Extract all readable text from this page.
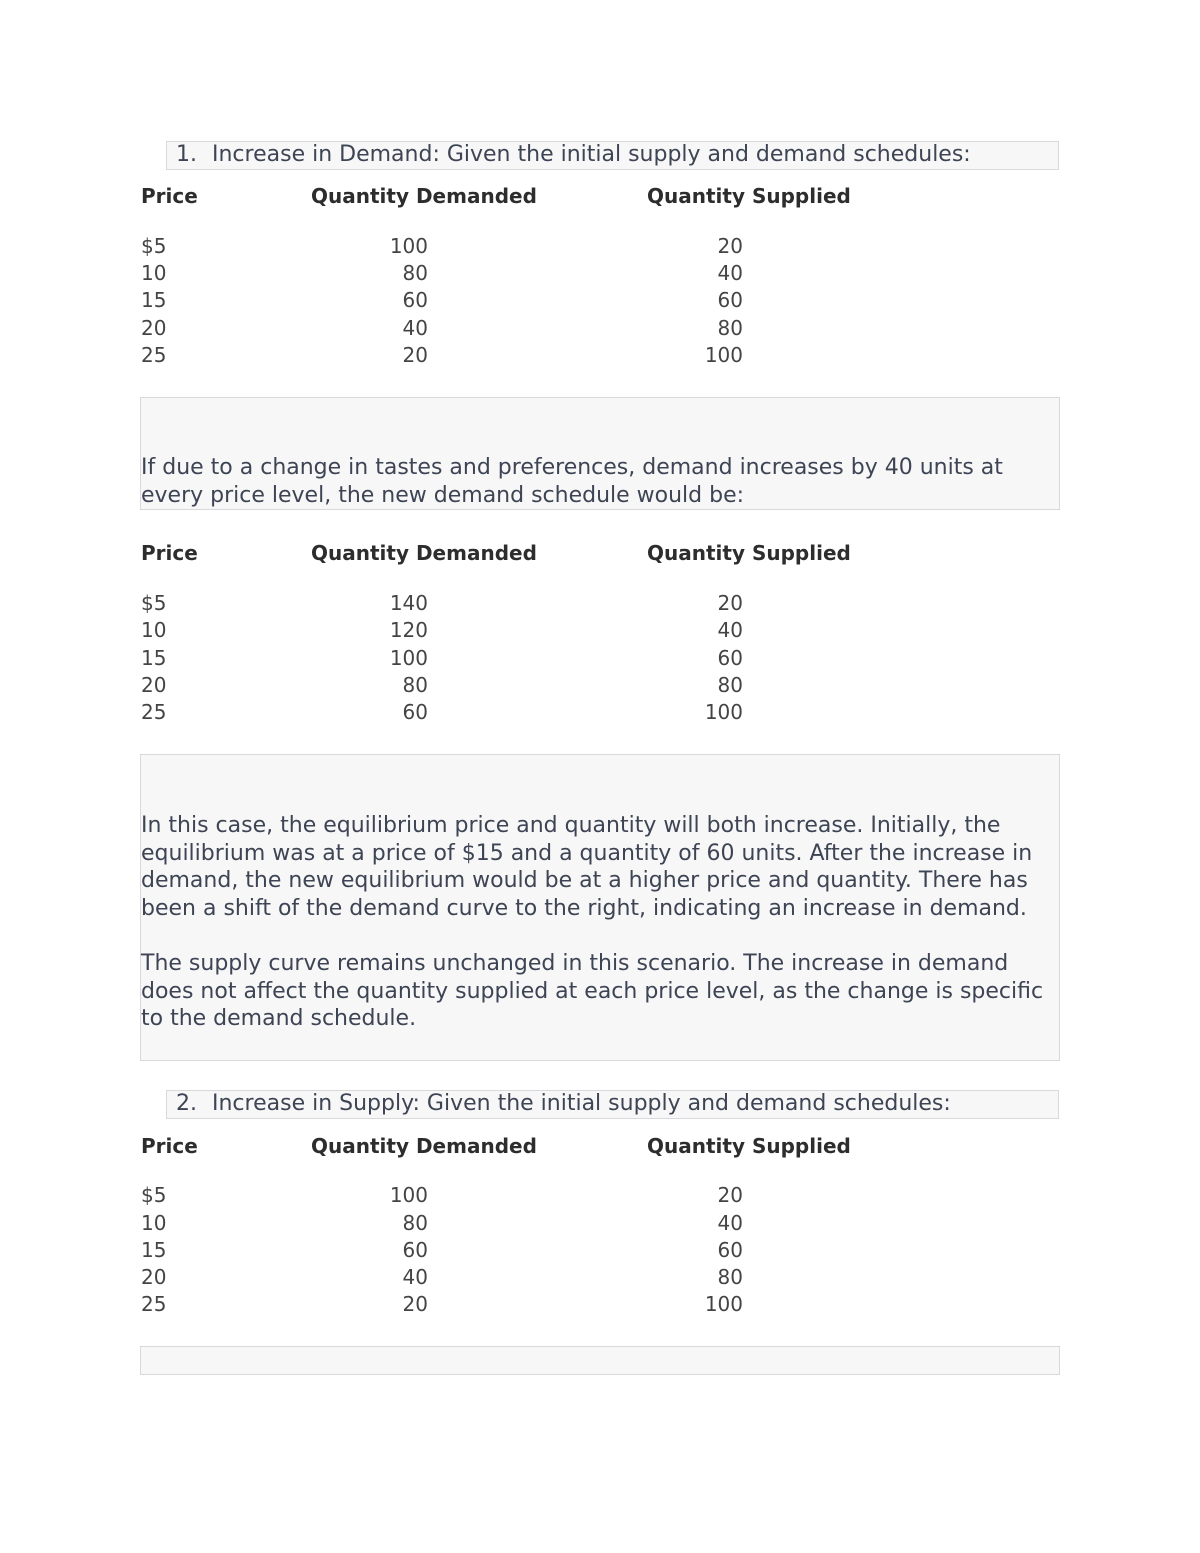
1. Increase in Demand: Given the initial supply and demand schedules:
Price	Quantity Demanded	Quantity Supplied
$5	100	20
10	80	40
15	60	60
20	40	80
25	20	100

If due to a change in tastes and preferences, demand increases by 40 units at every price level, the new demand schedule would be:

Price	Quantity Demanded	Quantity Supplied
$5	140	20
10	120	40
15	100	60
20	80	80
25	60	100

In this case, the equilibrium price and quantity will both increase. Initially, the equilibrium was at a price of $15 and a quantity of 60 units. After the increase in demand, the new equilibrium would be at a higher price and quantity. There has been a shift of the demand curve to the right, indicating an increase in demand.

The supply curve remains unchanged in this scenario. The increase in demand does not affect the quantity supplied at each price level, as the change is specific to the demand schedule.

2. Increase in Supply: Given the initial supply and demand schedules:
Price	Quantity Demanded	Quantity Supplied
$5	100	20
10	80	40
15	60	60
20	40	80
25	20	100
